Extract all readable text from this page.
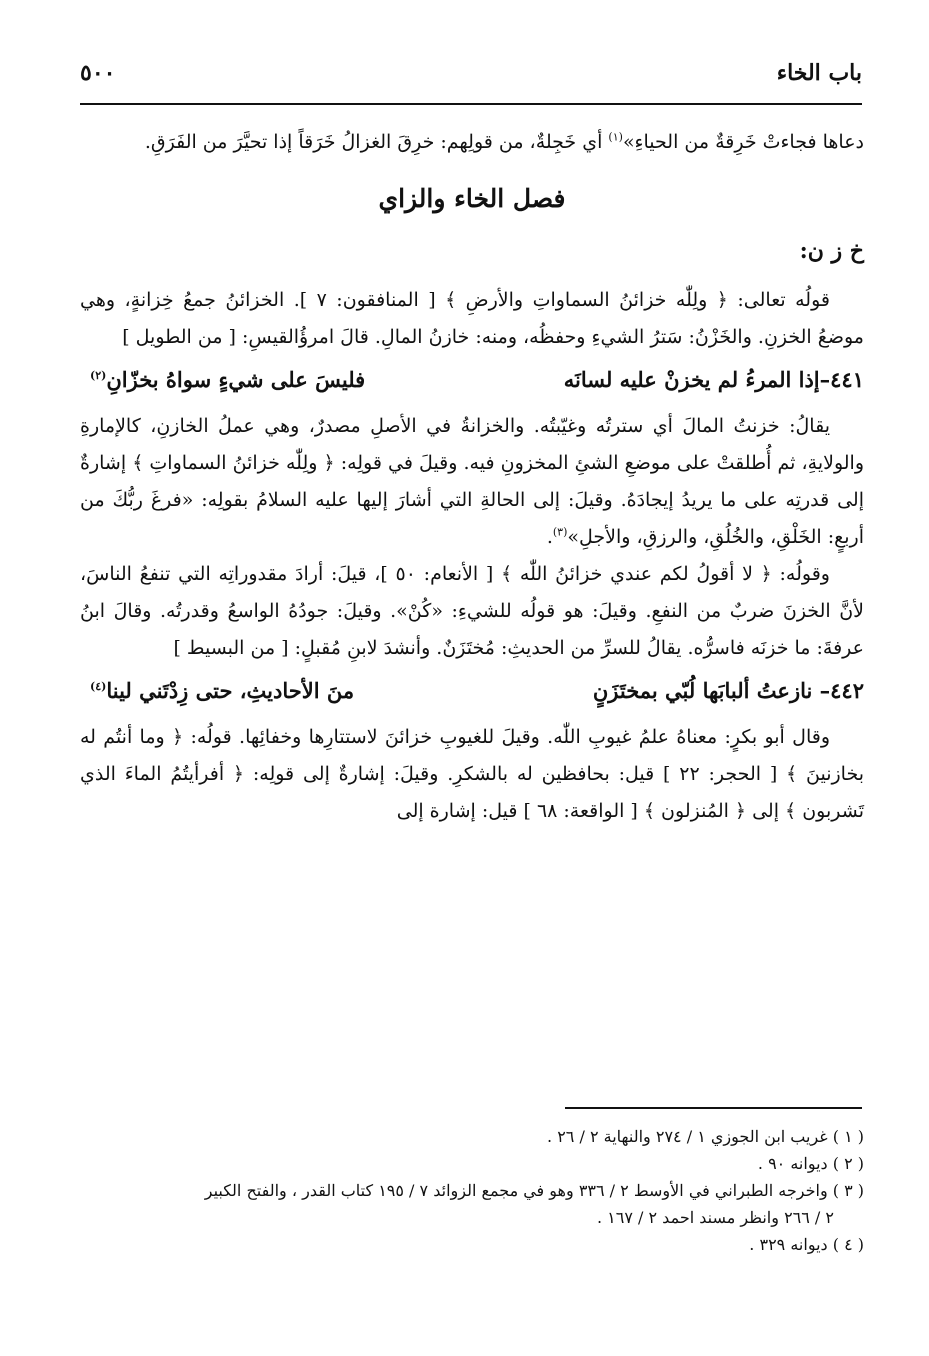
باب الخاء
٥٠٠

دعاها فجاءتْ خَرِقةٌ من الحياءِ»$^{(١)}$ أي خَجِلةٌ، من قولِهم: خرِقَ الغزالُ خَرَقاً إذا تحيَّرَ من الفَرَقِ.

فصل الخاء والزاي

خ ز ن:

قولُه تعالى: ﴿ ولِلّٰه خزائنُ السماواتِ والأرضِ ﴾ [ المنافقون: ٧ ]. الخزائنُ جمعُ خِزانةٍ، وهي موضعُ الخزنِ. والخَزْنُ: سَترُ الشيءِ وحفظُه، ومنه: خازنُ المالِ. قالَ امرؤُالقيسِ: [ من الطويل ]

٤٤١–إذا المرءُ لم يخزنْ عليه لسانَه
فليسَ على شيءٍ سواهُ بخزّانِ$^{(٢)}$

يقالُ: خزنتُ المالَ أي سترتُه وغيّبتُه. والخزانةُ في الأصلِ مصدرٌ، وهي عملُ الخازنِ، كالإمارةِ والولايةِ، ثم أُطلقتْ على موضعِ الشئِ المخزونِ فيه. وقيلَ في قولِه: ﴿ ولِلّٰه خزائنُ السماواتِ ﴾ إشارةٌ إلى قدرتِه على ما يريدُ إيجادَهُ. وقيلَ: إلى الحالةِ التي أشارَ إليها عليه السلامُ بقولِه: «فرغَ ربُّكَ من أربعٍ: الخَلْقِ، والخُلُقِ، والرزقِ، والأجلِ»$^{(٣)}$.

وقولُه: ﴿ لا أقولُ لكم عندي خزائنُ اللّٰه ﴾ [ الأنعام: ٥٠ ]، قيلَ: أرادَ مقدوراتِه التي تنفعُ الناسَ، لأنَّ الخزنَ ضربٌ من النفعِ. وقيلَ: هو قولُه للشيءِ: «كُنْ». وقيلَ: جودُهُ الواسعُ وقدرتُه. وقالَ ابنُ عرفةَ: ما خزنَه فاسرُّه. يقالُ للسرِّ من الحديثِ: مُختَزَنٌ. وأنشدَ لابنِ مُقبلٍ: [ من البسيط ]

٤٤٢– نازعتُ ألبابَها لُبّي بمختَزَنٍ
منَ الأحاديثِ، حتى زِدْتَني لينا$^{(٤)}$

وقال أبو بكرٍ: معناهُ علمُ غيوبِ اللّٰه. وقيلَ للغيوبِ خزائنَ لاستتارِها وخفائِها. قولُه: ﴿ وما أنتُم له بخازنينَ ﴾ [ الحجر: ٢٢ ] قيل: بحافظين له بالشكرِ. وقيلَ: إشارةٌ إلى قولِه: ﴿ أفرأيتُمُ الماءَ الذي تَشربون ﴾ إلى ﴿ المُنزلون ﴾ [ الواقعة: ٦٨ ] قيل: إشارة إلى

( ١ ) غريب ابن الجوزي ١ / ٢٧٤ والنهاية ٢ / ٢٦ .

( ٢ ) ديوانه ٩٠ .

( ٣ ) واخرجه الطبراني في الأوسط ٢ / ٣٣٦ وهو في مجمع الزوائد ٧ / ١٩٥ كتاب القدر ، والفتح الكبير

٢ / ٢٦٦ وانظر مسند احمد ٢ / ١٦٧ .

( ٤ ) ديوانه ٣٢٩ .
